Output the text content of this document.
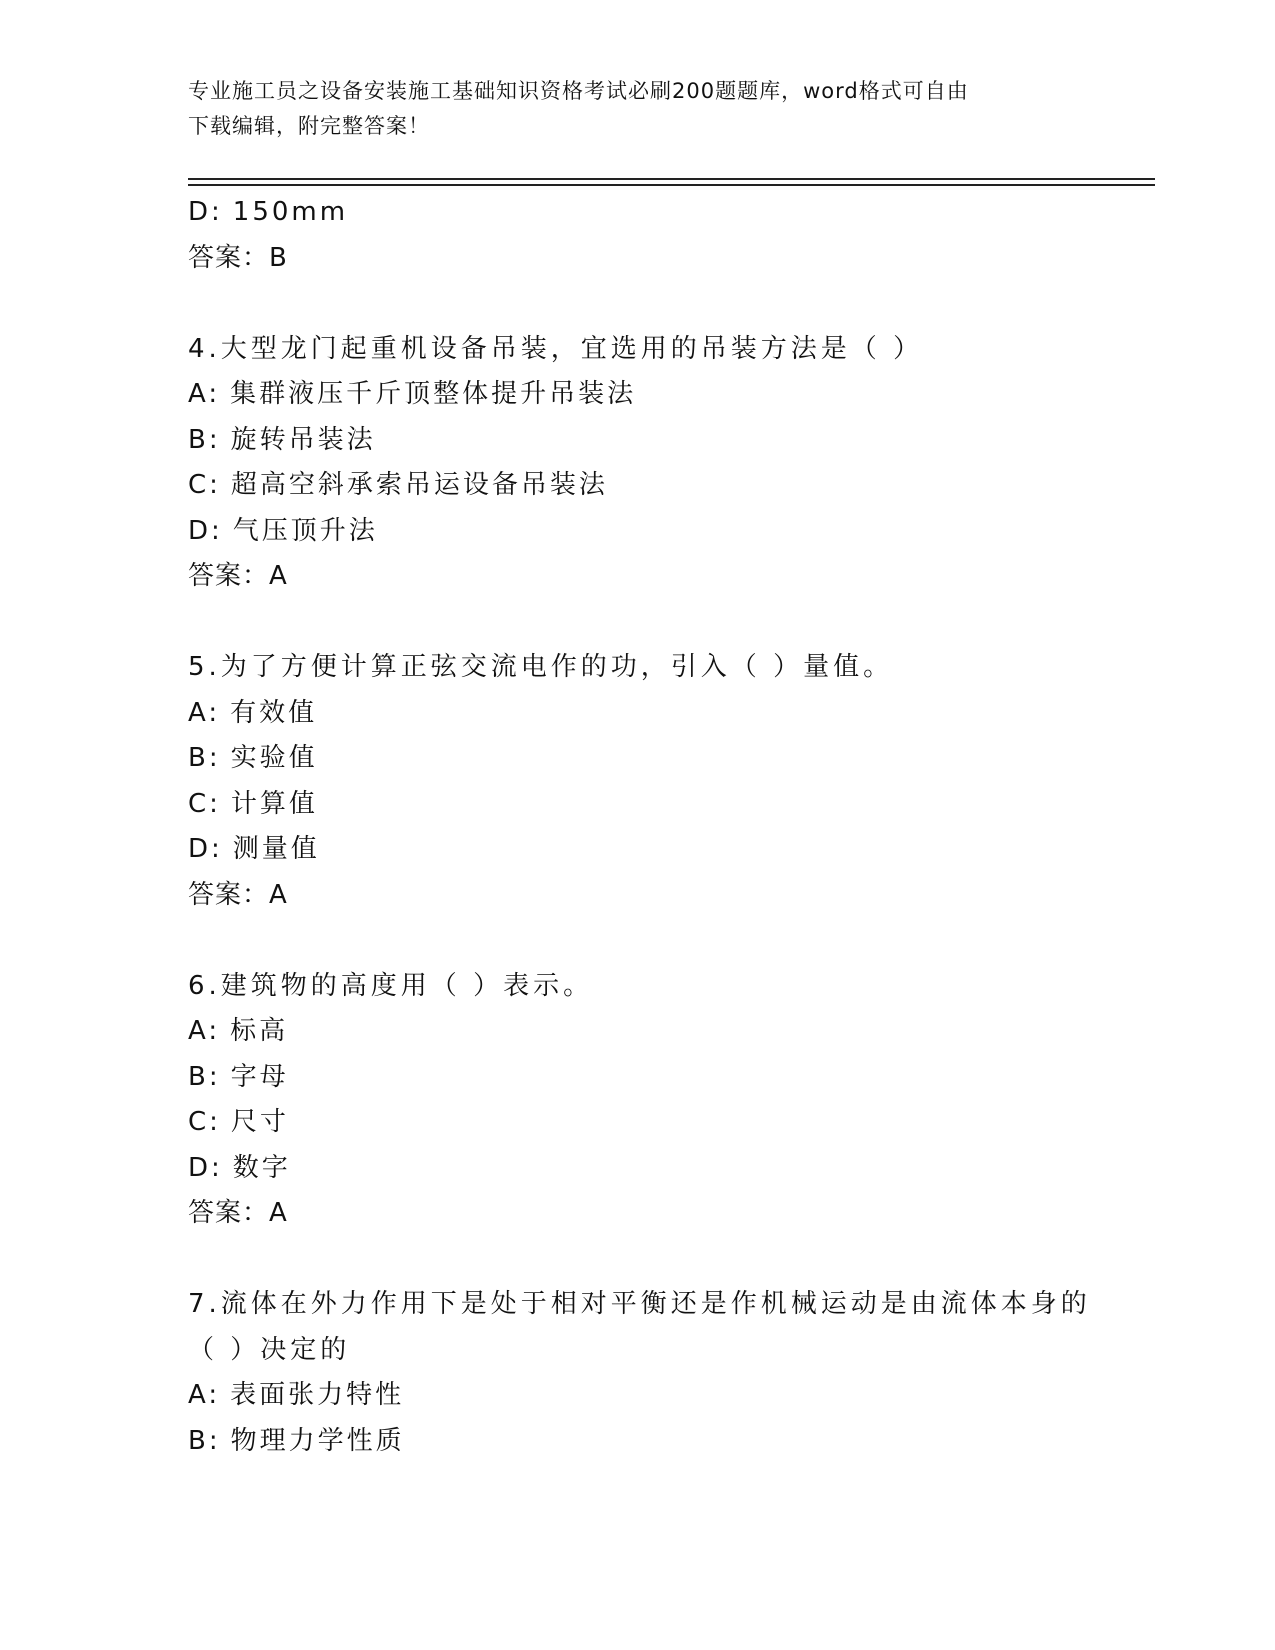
专业施工员之设备安装施工基础知识资格考试必刷200题题库，word格式可自由
下载编辑，附完整答案！
D: 150mm
答案：B
4.大型龙门起重机设备吊装，宜选用的吊装方法是（ ）
A: 集群液压千斤顶整体提升吊装法
B: 旋转吊装法
C: 超高空斜承索吊运设备吊装法
D: 气压顶升法
答案：A
5.为了方便计算正弦交流电作的功，引入（ ）量值。
A: 有效值
B: 实验值
C: 计算值
D: 测量值
答案：A
6.建筑物的高度用（ ）表示。
A: 标高
B: 字母
C: 尺寸
D: 数字
答案：A
7.流体在外力作用下是处于相对平衡还是作机械运动是由流体本身的
（ ）决定的
A: 表面张力特性
B: 物理力学性质
